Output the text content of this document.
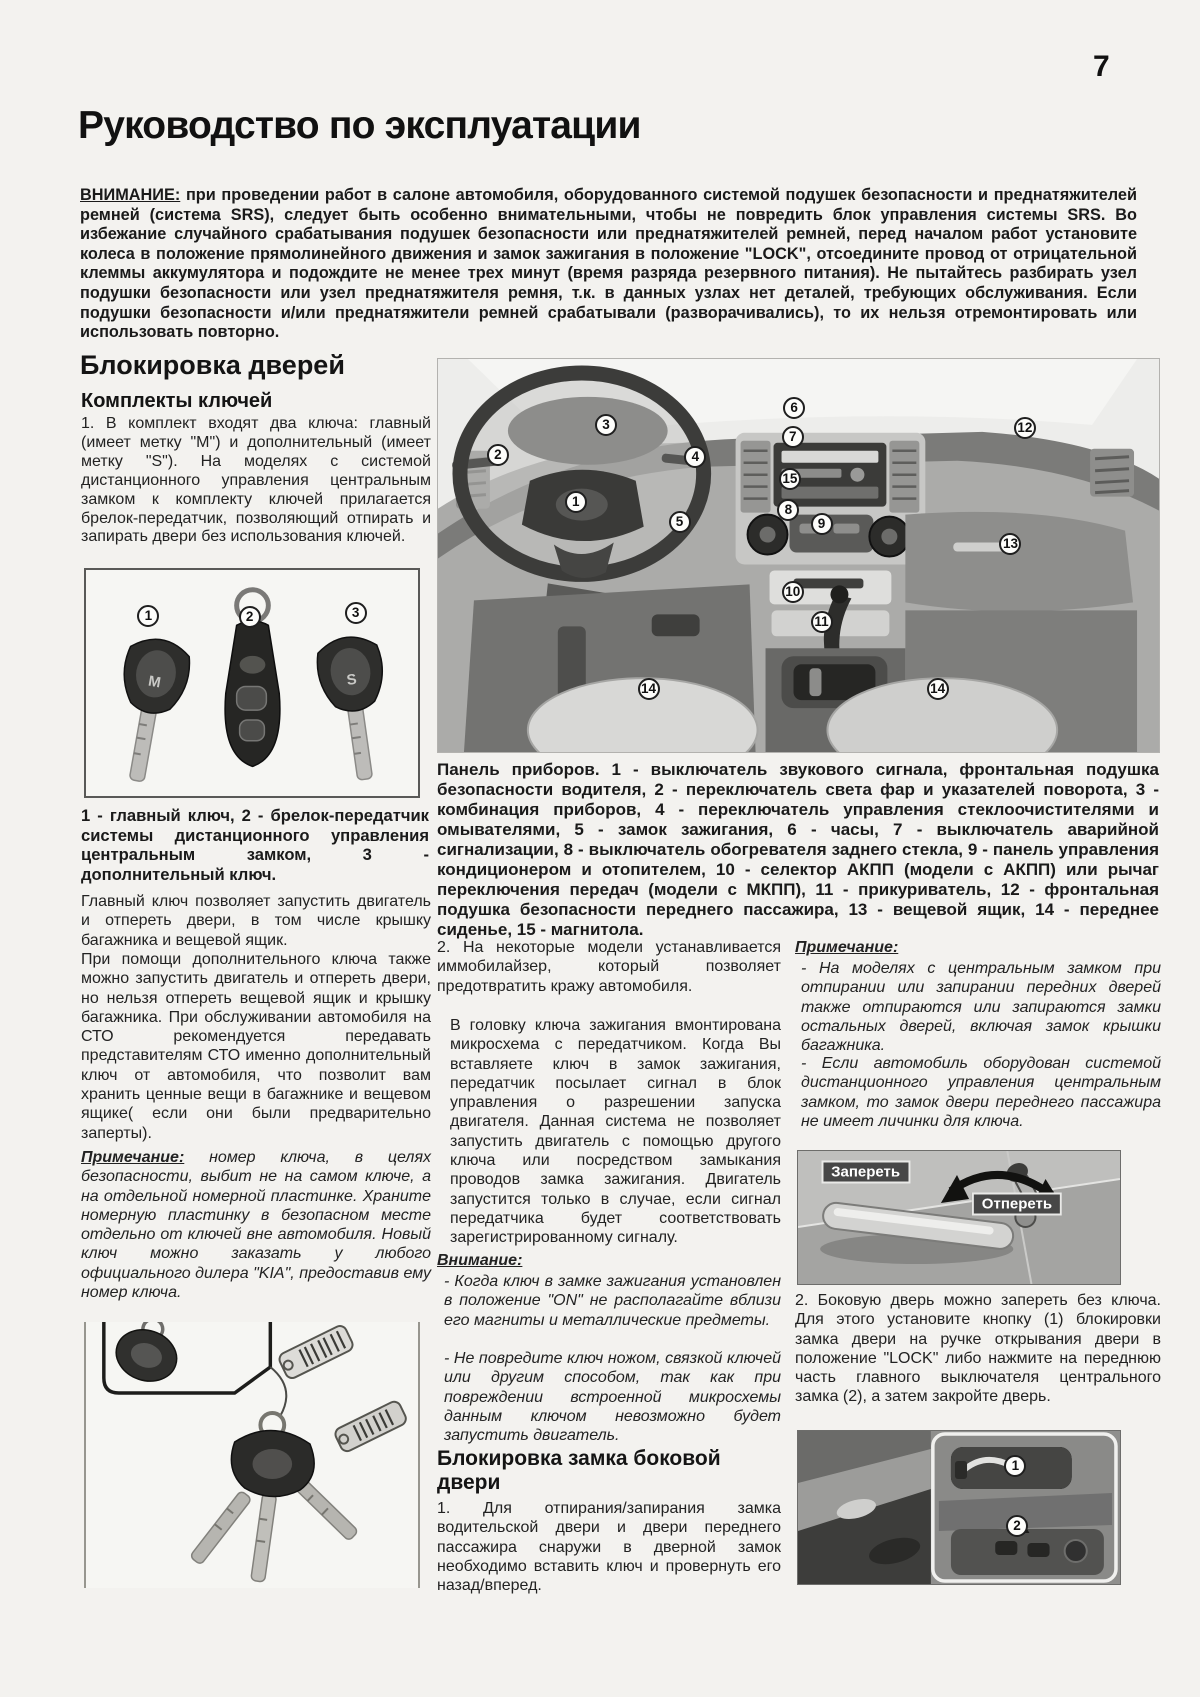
7
Руководство по эксплуатации

ВНИМАНИЕ: при проведении работ в салоне автомобиля, оборудованного системой подушек безопасности и преднатяжителей ремней (система SRS), следует быть особенно внимательными, чтобы не повредить блок управления системы SRS. Во избежание случайного срабатывания подушек безопасности или преднатяжителей ремней, перед началом работ установите колеса в положение прямолинейного движения и замок зажигания в положение "LOCK", отсоедините провод от отрицательной клеммы аккумулятора и подождите не менее трех минут (время разряда резервного питания). Не пытайтесь разбирать узел подушки безопасности или узел преднатяжителя ремня, т.к. в данных узлах нет деталей, требующих обслуживания. Если подушки безопасности и/или преднатяжители ремней срабатывали (разворачивались), то их нельзя отремонтировать или использовать повторно.

Блокировка дверей
Комплекты ключей

1. В комплект входят два ключа: главный (имеет метку "M") и дополнительный (имеет метку "S"). На моделях с системой дистанционного управления центральным замком к комплекту ключей прилагается брелок-передатчик, позволяющий отпирать и запирать двери без использования ключей.

M	S
1	2	3

1 - главный ключ, 2 - брелок-передатчик системы дистанционного управления центральным замком, 3 - дополнительный ключ.

Главный ключ позволяет запустить двигатель и отпереть двери, в том числе крышку багажника и вещевой ящик.

При помощи дополнительного ключа также можно запустить двигатель и отпереть двери, но нельзя отпереть вещевой ящик и крышку багажника. При обслуживании автомобиля на СТО рекомендуется передавать представителям СТО именно дополнительный ключ от автомобиля, что позволит вам хранить ценные вещи в багажнике и вещевом ящике( если они были предварительно заперты).

Примечание: номер ключа, в целях безопасности, выбит не на самом ключе, а на отдельной номерной пластинке. Храните номерную пластинку в безопасном месте отдельно от ключей вне автомобиля. Новый ключ можно заказать у любого официального дилера "KIA", предоставив ему номер ключа.

1
2
3
4
5
6
7
8
9
10
11
12
13
14	14
15

Панель приборов. 1 - выключатель звукового сигнала, фронтальная подушка безопасности водителя, 2 - переключатель света фар и указателей поворота, 3 - комбинация приборов, 4 - переключатель управления стеклоочистителями и омывателями, 5 - замок зажигания, 6 - часы, 7 - выключатель аварийной сигнализации, 8 - выключатель обогревателя заднего стекла, 9 - панель управления кондиционером и отопителем, 10 - селектор АКПП (модели с АКПП) или рычаг переключения передач (модели с МКПП), 11 - прикуриватель, 12 - фронтальная подушка безопасности переднего пассажира, 13 - вещевой ящик, 14 - переднее сиденье, 15 - магнитола.

2. На некоторые модели устанавливается иммобилайзер, который позволяет предотвратить кражу автомобиля.

В головку ключа зажигания вмонтирована микросхема с передатчиком. Когда Вы вставляете ключ в замок зажигания, передатчик посылает сигнал в блок управления о разрешении запуска двигателя. Данная система не позволяет запустить двигатель с помощью другого ключа или посредством замыкания проводов замка зажигания. Двигатель запустится только в случае, если сигнал передатчика будет соответствовать зарегистрированному сигналу.

Внимание:

- Когда ключ в замке зажигания установлен в положение "ON" не располагайте вблизи его магниты и металлические предметы.

- Не повредите ключ ножом, связкой ключей или другим способом, так как при повреждении встроенной микросхемы данным ключом невозможно будет запустить двигатель.

Блокировка замка боковой двери

1. Для отпирания/запирания замка водительской двери и двери переднего пассажира снаружи в дверной замок необходимо вставить ключ и провернуть его назад/вперед.

Примечание:

- На моделях с центральным замком при отпирании или запирании передних дверей также отпираются или запираются замки остальных дверей, включая замок крышки багажника.

- Если автомобиль оборудован системой дистанционного управления центральным замком, то замок двери переднего пассажира не имеет личинки для ключа.

Запереть
Отпереть

2. Боковую дверь можно запереть без ключа. Для этого установите кнопку (1) блокировки замка двери на ручке открывания двери в положение "LOCK" либо нажмите на переднюю часть главного выключателя центрального замка (2), а затем закройте дверь.

1
2
